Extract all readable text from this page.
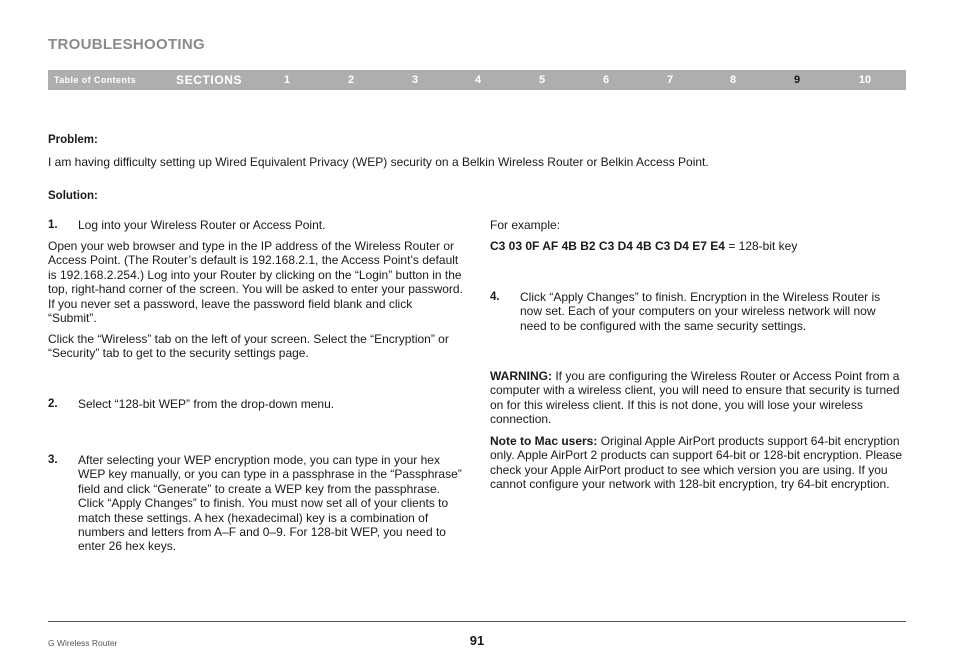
TROUBLESHOOTING
Table of Contents	SECTIONS	1	2	3	4	5	6	7	8	9	10
Problem:
I am having difficulty setting up Wired Equivalent Privacy (WEP) security on a Belkin Wireless Router or Belkin Access Point.
Solution:
1. Log into your Wireless Router or Access Point.
Open your web browser and type in the IP address of the Wireless Router or Access Point. (The Router’s default is 192.168.2.1, the Access Point’s default is 192.168.2.254.) Log into your Router by clicking on the “Login” button in the top, right-hand corner of the screen. You will be asked to enter your password. If you never set a password, leave the password field blank and click “Submit”.
Click the “Wireless” tab on the left of your screen. Select the “Encryption” or “Security” tab to get to the security settings page.
2. Select “128-bit WEP” from the drop-down menu.
3. After selecting your WEP encryption mode, you can type in your hex WEP key manually, or you can type in a passphrase in the “Passphrase” field and click “Generate” to create a WEP key from the passphrase. Click “Apply Changes” to finish. You must now set all of your clients to match these settings. A hex (hexadecimal) key is a combination of numbers and letters from A–F and 0–9. For 128-bit WEP, you need to enter 26 hex keys.
For example:
C3 03 0F AF 4B B2 C3 D4 4B C3 D4 E7 E4 = 128-bit key
4. Click “Apply Changes” to finish. Encryption in the Wireless Router is now set. Each of your computers on your wireless network will now need to be configured with the same security settings.
WARNING: If you are configuring the Wireless Router or Access Point from a computer with a wireless client, you will need to ensure that security is turned on for this wireless client. If this is not done, you will lose your wireless connection.
Note to Mac users: Original Apple AirPort products support 64-bit encryption only. Apple AirPort 2 products can support 64-bit or 128-bit encryption. Please check your Apple AirPort product to see which version you are using. If you cannot configure your network with 128-bit encryption, try 64-bit encryption.
G Wireless Router	91
